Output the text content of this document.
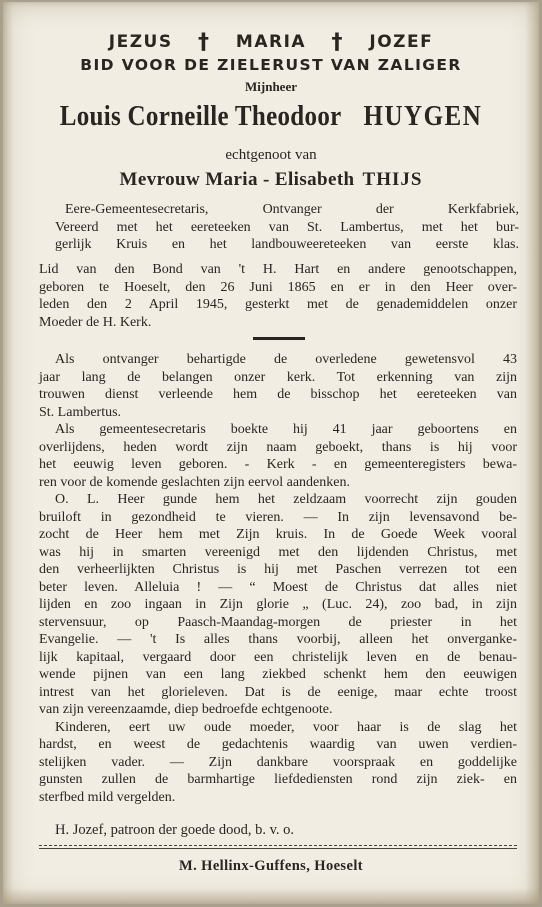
JEZUS † MARIA † JOZEF
BID VOOR DE ZIELERUST VAN ZALIGER
Mijnheer
Louis Corneille Theodoor HUYGEN
echtgenoot van
Mevrouw Maria - Elisabeth THIJS
Eere-Gemeentesecretaris, Ontvanger der Kerkfabriek,
Vereerd met het eereteeken van St. Lambertus, met het bur-
gerlijk Kruis en het landbouweereteeken van eerste klas.
Lid van den Bond van 't H. Hart en andere genootschappen,
geboren te Hoeselt, den 26 Juni 1865 en er in den Heer over-
leden den 2 April 1945, gesterkt met de genademiddelen onzer
Moeder de H. Kerk.
Als ontvanger behartigde de overledene gewetensvol 43
jaar lang de belangen onzer kerk. Tot erkenning van zijn
trouwen dienst verleende hem de bisschop het eereteeken van
St. Lambertus.
Als gemeentesecretaris boekte hij 41 jaar geboortens en
overlijdens, heden wordt zijn naam geboekt, thans is hij voor
het eeuwig leven geboren. - Kerk - en gemeenteregisters bewa-
ren voor de komende geslachten zijn eervol aandenken.
O. L. Heer gunde hem het zeldzaam voorrecht zijn gouden
bruiloft in gezondheid te vieren. — In zijn levensavond be-
zocht de Heer hem met Zijn kruis. In de Goede Week vooral
was hij in smarten vereenigd met den lijdenden Christus, met
den verheerlijkten Christus is hij met Paschen verrezen tot een
beter leven. Alleluia ! — “ Moest de Christus dat alles niet
lijden en zoo ingaan in Zijn glorie „ (Luc. 24), zoo bad, in zijn
stervensuur, op Paasch-Maandag-morgen de priester in het
Evangelie. — 't Is alles thans voorbij, alleen het onverganke-
lijk kapitaal, vergaard door een christelijk leven en de benau-
wende pijnen van een lang ziekbed schenkt hem den eeuwigen
intrest van het glorieleven. Dat is de eenige, maar echte troost
van zijn vereenzaamde, diep bedroefde echtgenoote.
Kinderen, eert uw oude moeder, voor haar is de slag het
hardst, en weest de gedachtenis waardig van uwen verdien-
stelijken vader. — Zijn dankbare voorspraak en goddelijke
gunsten zullen de barmhartige liefdediensten rond zijn ziek- en
sterfbed mild vergelden.
H. Jozef, patroon der goede dood, b. v. o.
M. Hellinx-Guffens, Hoeselt
